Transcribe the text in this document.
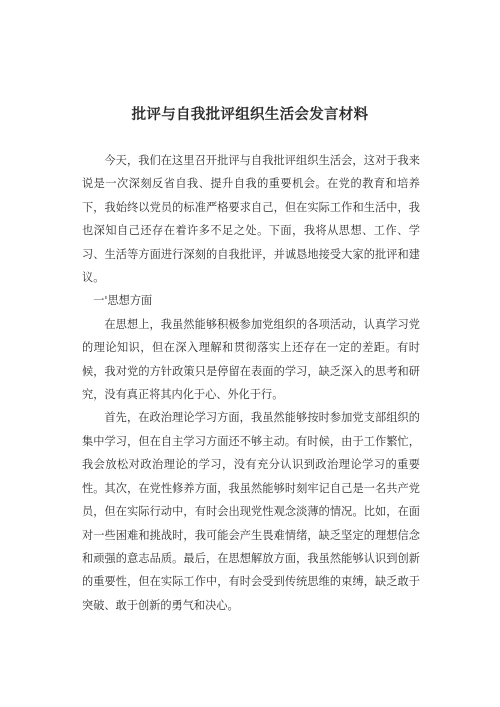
批评与自我批评组织生活会发言材料

今天，我们在这里召开批评与自我批评组织生活会，这对于我来说是一次深刻反省自我、提升自我的重要机会。在党的教育和培养下，我始终以党员的标准严格要求自己，但在实际工作和生活中，我也深知自己还存在着许多不足之处。下面，我将从思想、工作、学习、生活等方面进行深刻的自我批评，并诚恳地接受大家的批评和建议。

一'思想方面

在思想上，我虽然能够积极参加党组织的各项活动，认真学习党的理论知识，但在深入理解和贯彻落实上还存在一定的差距。有时候，我对党的方针政策只是停留在表面的学习，缺乏深入的思考和研究，没有真正将其内化于心、外化于行。

首先，在政治理论学习方面，我虽然能够按时参加党支部组织的集中学习，但在自主学习方面还不够主动。有时候，由于工作繁忙，我会放松对政治理论的学习，没有充分认识到政治理论学习的重要性。其次，在党性修养方面，我虽然能够时刻牢记自己是一名共产党员，但在实际行动中，有时会出现党性观念淡薄的情况。比如，在面对一些困难和挑战时，我可能会产生畏难情绪，缺乏坚定的理想信念和顽强的意志品质。最后，在思想解放方面，我虽然能够认识到创新的重要性，但在实际工作中，有时会受到传统思维的束缚，缺乏敢于突破、敢于创新的勇气和决心。
